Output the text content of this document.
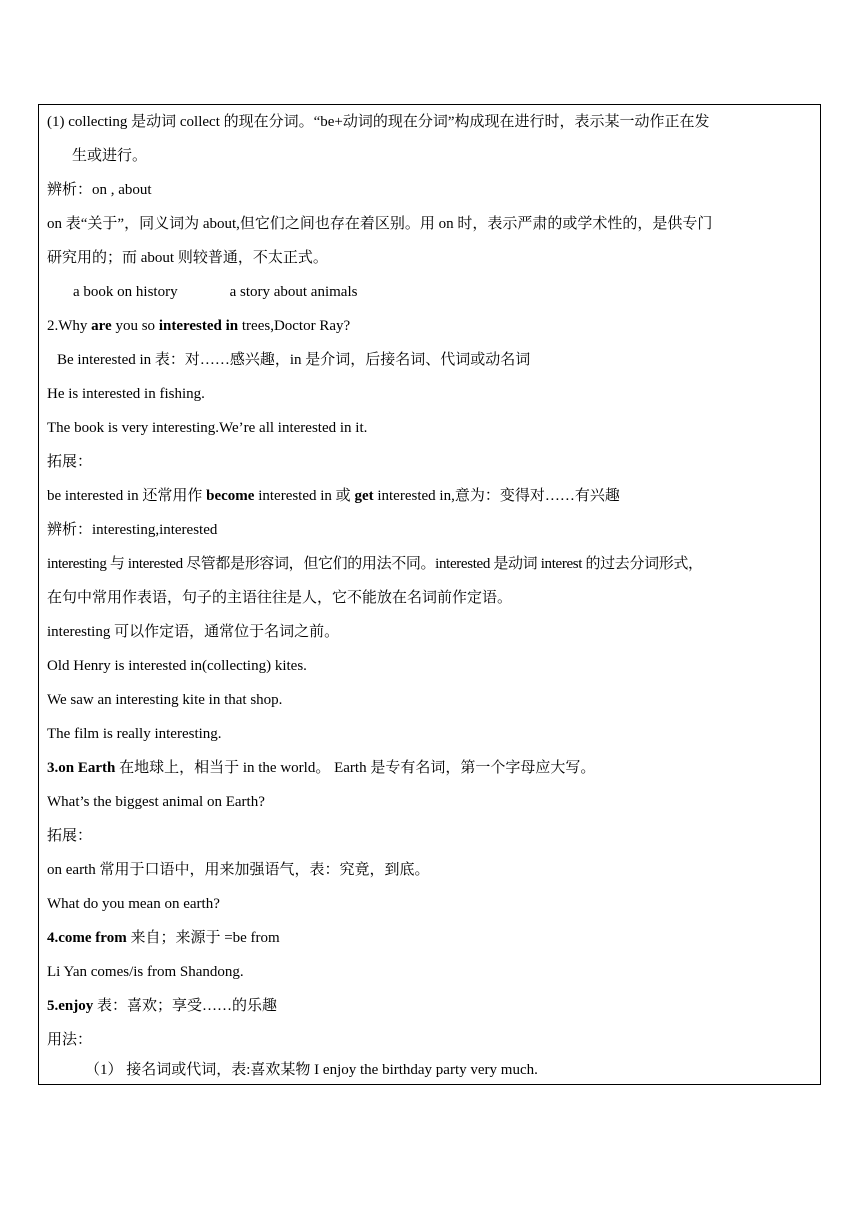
(1) collecting 是动词 collect 的现在分词。“be+动词的现在分词”构成现在进行时，表示某一动作正在发
生或进行。
辨析：on , about
on 表“关于”，同义词为 about,但它们之间也存在着区别。用 on 时，表示严肃的或学术性的，是供专门
研究用的；而 about 则较普通，不太正式。
a book on history	a story about animals
2.Why are you so interested in trees,Doctor Ray?
Be interested in 表：对……感兴趣，in 是介词，后接名词、代词或动名词
He is interested in fishing.
The book is very interesting.We’re all interested in it.
拓展：
be interested in 还常用作 become interested in 或 get interested in,意为：变得对……有兴趣
辨析：interesting,interested
interesting 与 interested 尽管都是形容词，但它们的用法不同。interested 是动词 interest 的过去分词形式，
在句中常用作表语，句子的主语往往是人，它不能放在名词前作定语。
interesting 可以作定语，通常位于名词之前。
Old Henry is interested in(collecting) kites.
We saw an interesting kite in that shop.
The film is really interesting.
3.on Earth 在地球上，相当于 in the world。 Earth 是专有名词，第一个字母应大写。
What’s the biggest animal on Earth?
拓展：
on earth 常用于口语中，用来加强语气，表：究竟，到底。
What do you mean on earth?
4.come from 来自；来源于 =be from
Li Yan comes/is from Shandong.
5.enjoy 表：喜欢；享受……的乐趣
用法：
（1） 接名词或代词，表:喜欢某物 I enjoy the birthday party very much.
